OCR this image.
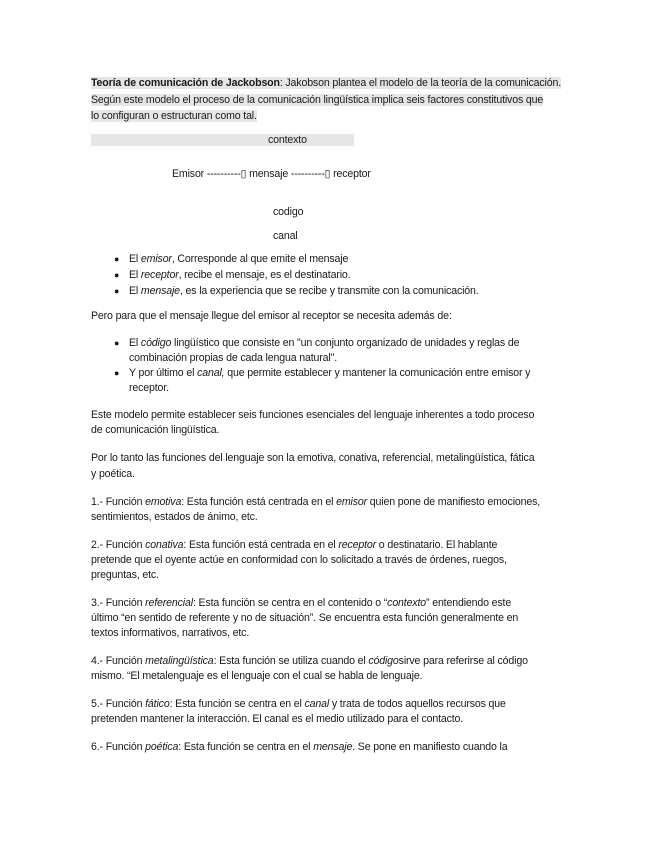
Teoría de comunicación de Jackobson: Jakobson plantea el modelo de la teoría de la comunicación.
Según este modelo el proceso de la comunicación lingüística implica seis factores constitutivos que
lo configuran o estructuran como tal.
contexto
Emisor ----------▯ mensaje ----------▯ receptor
codigo
canal
● El emisor, Corresponde al que emite el mensaje
● El receptor, recibe el mensaje, es el destinatario.
● El mensaje, es la experiencia que se recibe y transmite con la comunicación.
Pero para que el mensaje llegue del emisor al receptor se necesita además de:
● El código lingüístico que consiste en "un conjunto organizado de unidades y reglas de
combinación propias de cada lengua natural".
● Y por último el canal, que permite establecer y mantener la comunicación entre emisor y
receptor.
Este modelo permite establecer seis funciones esenciales del lenguaje inherentes a todo proceso
de comunicación lingüística.
Por lo tanto las funciones del lenguaje son la emotiva, conativa, referencial, metalingüística, fática
y poética.
1.- Función emotiva: Esta función está centrada en el emisor quien pone de manifiesto emociones,
sentimientos, estados de ánimo, etc.
2.- Función conativa: Esta función está centrada en el receptor o destinatario. El hablante
pretende que el oyente actúe en conformidad con lo solicitado a través de órdenes, ruegos,
preguntas, etc.
3.- Función referencial: Esta función se centra en el contenido o “contexto” entendiendo este
último “en sentido de referente y no de situación”. Se encuentra esta función generalmente en
textos informativos, narrativos, etc.
4.- Función metalingüística: Esta función se utiliza cuando el códigosirve para referirse al código
mismo. “El metalenguaje es el lenguaje con el cual se habla de lenguaje.
5.- Función fático: Esta función se centra en el canal y trata de todos aquellos recursos que
pretenden mantener la interacción. El canal es el medio utilizado para el contacto.
6.- Función poética: Esta función se centra en el mensaje. Se pone en manifiesto cuando la
